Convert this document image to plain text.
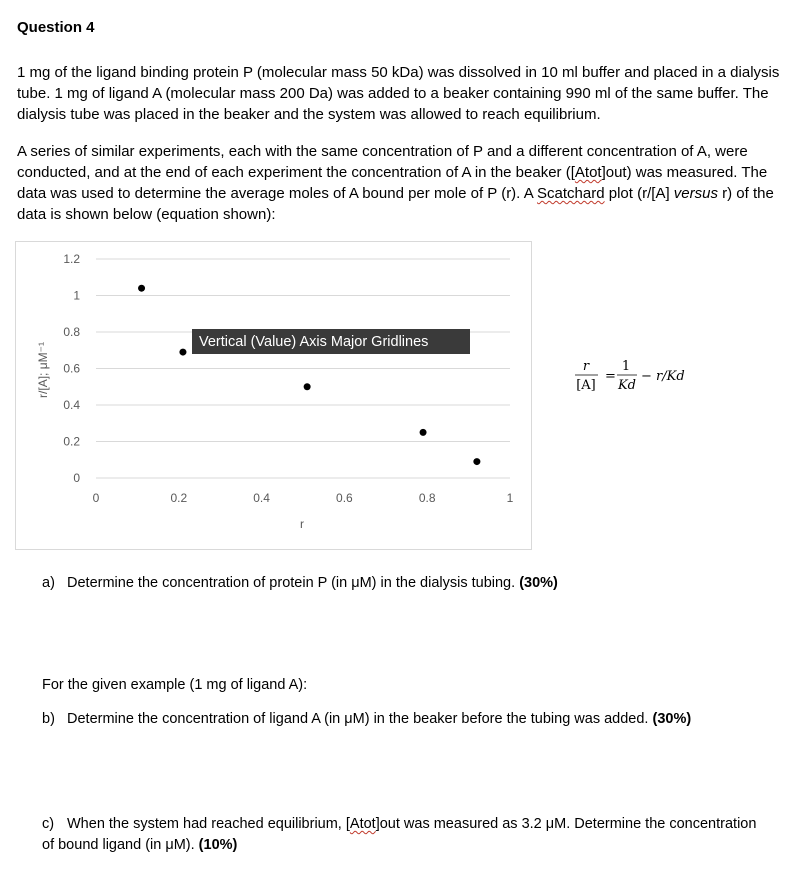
Question 4
1 mg of the ligand binding protein P (molecular mass 50 kDa) was dissolved in 10 ml buffer and placed in a dialysis tube. 1 mg of ligand A (molecular mass 200 Da) was added to a beaker containing 990 ml of the same buffer. The dialysis tube was placed in the beaker and the system was allowed to reach equilibrium.
A series of similar experiments, each with the same concentration of P and a different concentration of A, were conducted, and at the end of each experiment the concentration of A in the beaker ([Atot]out) was measured. The data was used to determine the average moles of A bound per mole of P (r). A Scatchard plot (r/[A] versus r) of the data is shown below (equation shown):
0
0.2
0.4
0.6
0.8
1
1.2
0	0.2	0.4	0.6	0.8	1
r
r/[A]; μM⁻¹
Vertical (Value) Axis Major Gridlines
r
[A]
=
1
Kd
− r/Kd
a) Determine the concentration of protein P (in μM) in the dialysis tubing. (30%)
For the given example (1 mg of ligand A):
b) Determine the concentration of ligand A (in μM) in the beaker before the tubing was added. (30%)
c) When the system had reached equilibrium, [Atot]out was measured as 3.2 μM. Determine the concentration of bound ligand (in μM). (10%)
